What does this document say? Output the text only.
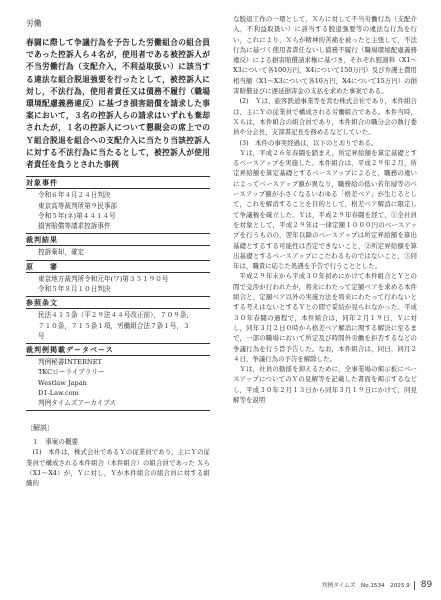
労働

春闘に際して争議行為を予告した労働組合の組合員であった控訴人ら４名が，使用者である被控訴人が不当労働行為（支配介入，不利益取扱い）に該当する違法な組合脱退強要を行ったとして，被控訴人に対し，不法行為，使用者責任又は債務不履行（職場環境配慮義務違反）に基づき損害賠償を請求した事案において，３名の控訴人らの請求はいずれも棄却されたが，１名の控訴人について懇親会の席上でのＹ組合脱退を組合への支配介入に当たり当該控訴人に対する不法行為に当たるとして，被控訴人が使用者責任を負うとされた事例

対象事件
令和６年４月２４日判決
東京高等裁判所第９民事部
令和５年(ネ)第４４１４号
損害賠償等請求控訴事件
裁判結果
控訴棄却，確定
原　　審
東京地方裁判所令和元年(ワ)第３５１９０号
令和５年８月１０日判決
参照条文
民法４１５条（平２９法４４号改正前），７０９条，
７１０条，７１５条１項，労働組合法７条１号，３
号
裁判例掲載データベース
判例秘書INTERNET
TKCローライブラリー
Westlaw Japan
D1-Law.com
判例タイムズアーカイブス
〔解説〕
１　事案の概要

(1)　本件は，株式会社であるＹの従業員であり，主にＹの従業員で構成される本件組合（本件組合）の組合員であった Ｘら（X1～X4）が，Ｙに対し，Ｙが本件組合の組合員に対する組織的

な脱退工作の一環として，Ｘらに対して不当労働行為（支配介入，不利益取扱い）に該当する脱退強要等の違法な行為を行い，これにより，Ｘらが精神的苦痛を被ったと主張して，不法行為に基づく使用者責任ないし債務不履行（職場環境配慮義務違反）による損害賠償請求権に基づき，それぞれ慰謝料（X1～X3について各100万円，X4について150万円）及び弁護士費用相当額（X1～X3について各10万円，X4について15万円）の損害賠償並びに遅延損害金の支払を求めた事案である。

(2)　Ｙは，旅客鉄道事業等を営む株式会社であり，本件組合は，主にＹの従業員で構成される労働組合である。本件当時，Ｘらは，本件組合の組合員であり，本件組合の職分会の執行委員や分会長，支部書記長を務めるなどしていた。

(3)　本件の事実経過は，以下のとおりである。

Ｙは，平成２６年春闘を踏まえ，所定昇給額を算定基礎とするベースアップを実施した。本件組合は，平成２９年２月，所定昇給額を算定基礎とするベースアップによると，職務の違いによってベースアップ額が異なり，職務給の低い若年層等のベースアップ額が小さくなるいわゆる「格差ベア」が生じるとして，これを解消することを目的として，格差ベア解消に限定して争議権を確立した。Ｙは，平成２９年春闘を経て，①全社員を対象として，平成２９年は一律定額１０００円のベースアップを行うものの，翌年以降のベースアップは所定昇給額を算出基礎とするする可能性は否定できないこと，②所定昇給額を算出基礎とするベースアップにこだわるものではないこと，③同年は，職責に応じた処遇を予告で行うこととした。

平成２９年末から平成３０年初めにかけて本件組合とＹとの間で交渉が行われたが，将来にわたって定額ベアを求める本件組合と，定額ベア以外の実施方法を将来にわたって行わないとする考えはないとするＹとの間で妥結が見られなかった。平成３０年春闘の過程で，本件組合は，同年２月１９日，Ｙに対し，同年３月２日０時から格差ベア解消に関する解決に至るまで，一部の職場において所定及び時間外労働を拒否するなどの争議行為を行う旨予告した。なお，本件組合は，同日，同月２４日，争議行為の予告を解除した。

Ｙは，社員の動揺を抑えるために，全事業場の掲示板にベースアップについてのＹの見解等を記載した書面を掲示するなどし，平成３０年２月１３日から同年３月１９日にかけて，同見解等を説明

判例タイムズ　No.1534　2025.9 89
